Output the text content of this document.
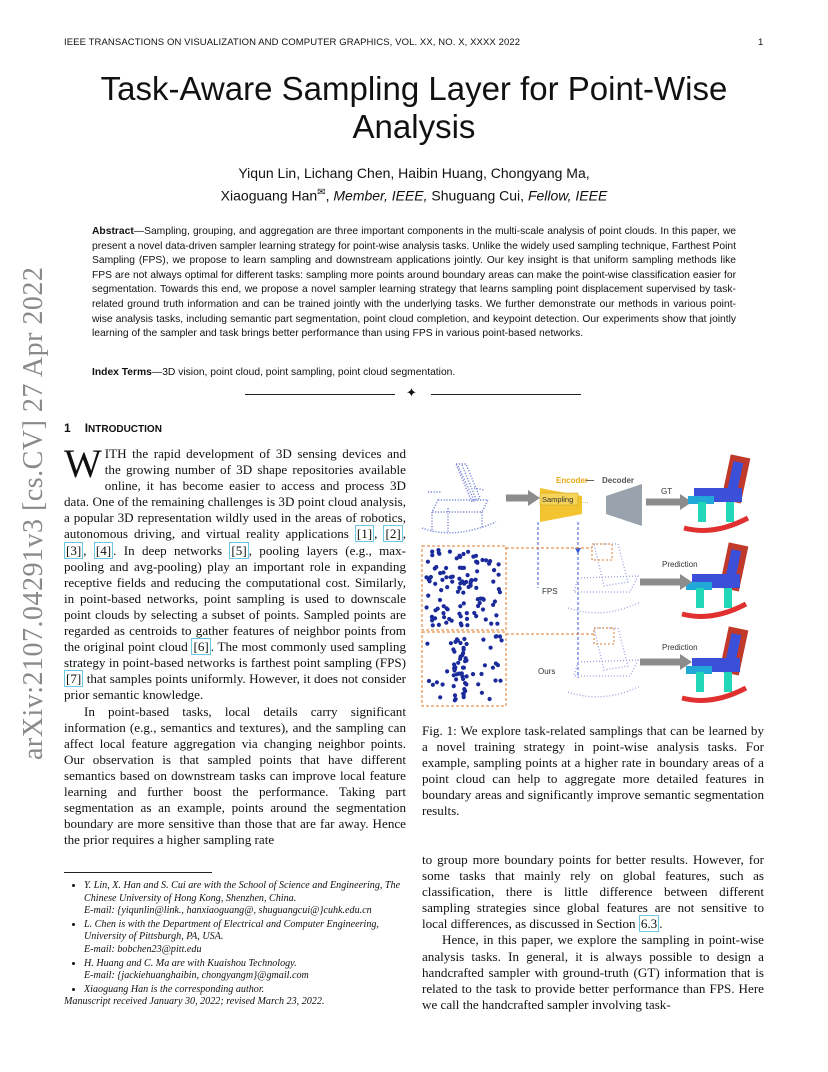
IEEE TRANSACTIONS ON VISUALIZATION AND COMPUTER GRAPHICS, VOL. XX, NO. X, XXXX 2022	1
Task-Aware Sampling Layer for Point-Wise Analysis
Yiqun Lin, Lichang Chen, Haibin Huang, Chongyang Ma,
Xiaoguang Han✉, Member, IEEE, Shuguang Cui, Fellow, IEEE
Abstract—Sampling, grouping, and aggregation are three important components in the multi-scale analysis of point clouds. In this paper, we present a novel data-driven sampler learning strategy for point-wise analysis tasks. Unlike the widely used sampling technique, Farthest Point Sampling (FPS), we propose to learn sampling and downstream applications jointly. Our key insight is that uniform sampling methods like FPS are not always optimal for different tasks: sampling more points around boundary areas can make the point-wise classification easier for segmentation. Towards this end, we propose a novel sampler learning strategy that learns sampling point displacement supervised by task-related ground truth information and can be trained jointly with the underlying tasks. We further demonstrate our methods in various point-wise analysis tasks, including semantic part segmentation, point cloud completion, and keypoint detection. Our experiments show that jointly learning of the sampler and task brings better performance than using FPS in various point-based networks.
Index Terms—3D vision, point cloud, point sampling, point cloud segmentation.
✦
arXiv:2107.04291v3 [cs.CV] 27 Apr 2022 1 INTRODUCTION

WITH the rapid development of 3D sensing devices and the growing number of 3D shape repositories available online, it has become easier to access and process 3D data. One of the remaining challenges is 3D point cloud analysis, a popular 3D representation wildly used in the areas of robotics, autonomous driving, and virtual reality applications [1] , [2] , [3] , [4] . In deep networks [5] , pooling layers (e.g., max-pooling and avg-pooling) play an important role in expanding receptive fields and reducing the computational cost. Similarly, in point-based networks, point sampling is used to downscale point clouds by selecting a subset of points. Sampled points are regarded as centroids to gather features of neighbor points from the original point cloud [6] . The most commonly used sampling strategy in point-based networks is farthest point sampling (FPS) [7] that samples points uniformly. However, it does not consider prior semantic knowledge.

In point-based tasks, local details carry significant information (e.g., semantics and textures), and the sampling can affect local feature aggregation via changing neighbor points. Our observation is that sampled points that have different semantics based on downstream tasks can improve local feature learning and further boost the performance. Taking part segmentation as an example, points around the segmentation boundary are more sensitive than those that are far away. Hence the prior requires a higher sampling rate

• Y. Lin, X. Han and S. Cui are with the School of Science and Engineering, The Chinese University of Hong Kong, Shenzhen, China.
E-mail: {yiqunlin@link., hanxiaoguang@, shuguangcui@}cuhk.edu.cn
• L. Chen is with the Department of Electrical and Computer Engineering, University of Pittsburgh, PA, USA.
E-mail: bobchen23@pitt.edu
• H. Huang and C. Ma are with Kuaishou Technology.
E-mail: {jackiehuanghaibin, chongyangm}@gmail.com
• Xiaoguang Han is the corresponding author.
Manuscript received January 30, 2022; revised March 23, 2022.
Sampling ...
Encoder
— Decoder
GT
FPS
Ours
Prediction
Prediction
Fig. 1: We explore task-related samplings that can be learned by a novel training strategy in point-wise analysis tasks. For example, sampling points at a higher rate in boundary areas of a point cloud can help to aggregate more detailed features in boundary areas and significantly improve semantic segmentation results.

to group more boundary points for better results. However, for some tasks that mainly rely on global features, such as classification, there is little difference between different sampling strategies since global features are not sensitive to local differences, as discussed in Section 6.3 .

Hence, in this paper, we explore the sampling in point-wise analysis tasks. In general, it is always possible to design a handcrafted sampler with ground-truth (GT) information that is related to the task to provide better performance than FPS. Here we call the handcrafted sampler involving task-
